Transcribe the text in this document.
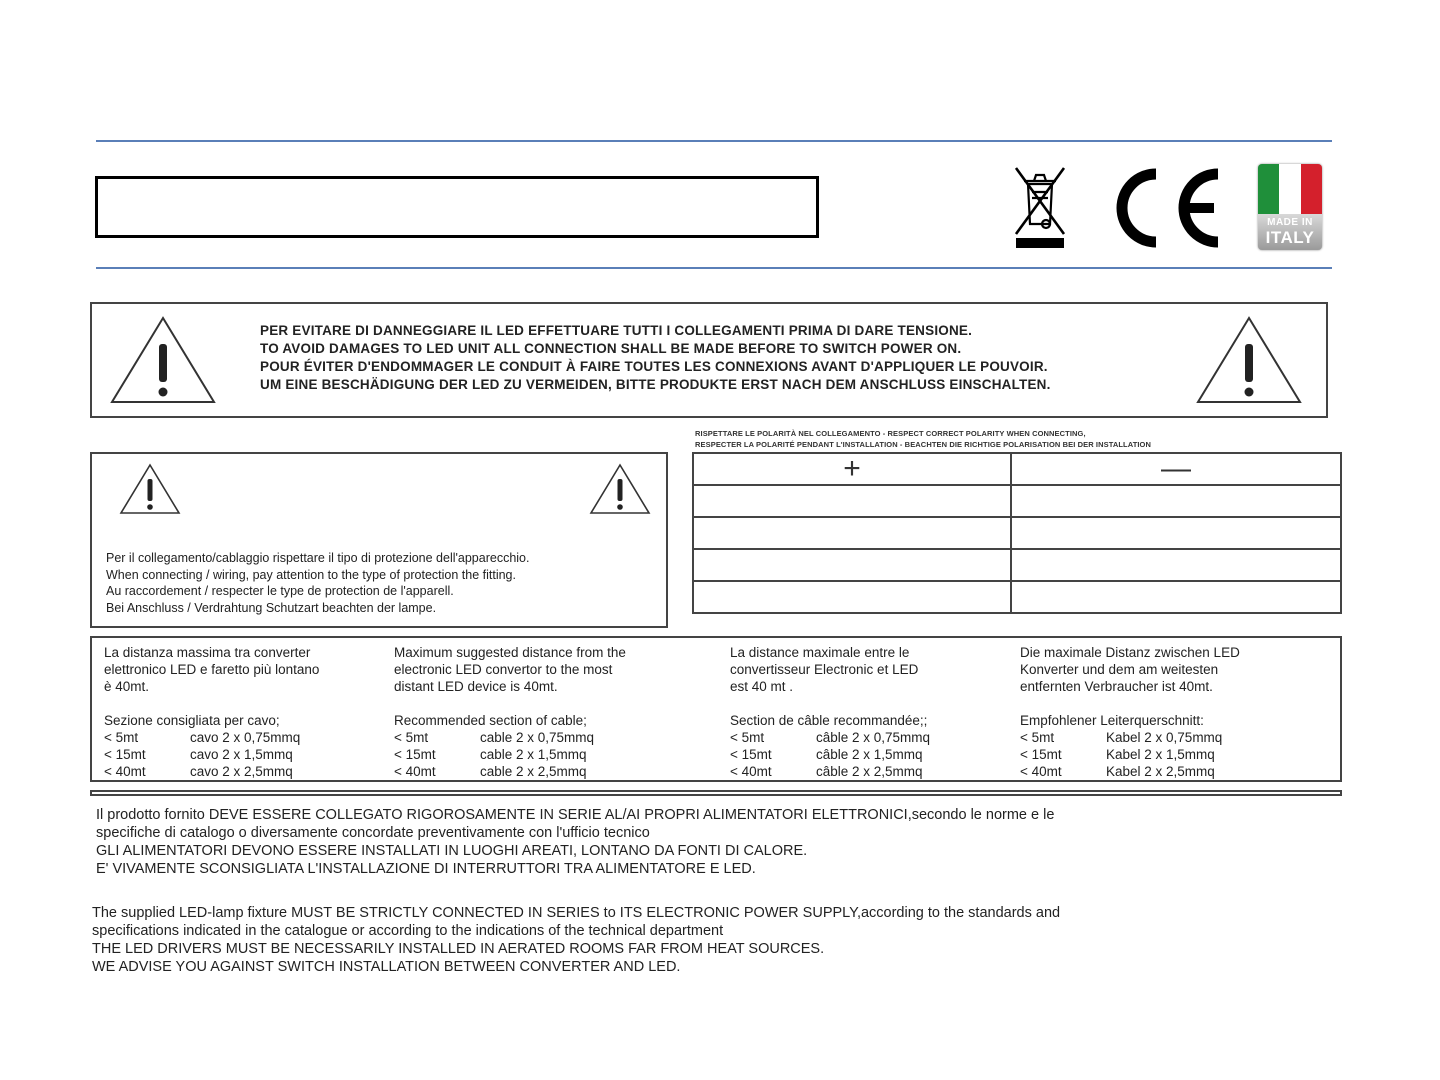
CE
MADE IN
ITALY
PER EVITARE DI DANNEGGIARE IL LED EFFETTUARE TUTTI I COLLEGAMENTI PRIMA DI DARE TENSIONE.
TO AVOID DAMAGES TO LED UNIT ALL CONNECTION SHALL BE MADE BEFORE TO SWITCH POWER ON.
POUR ÉVITER D'ENDOMMAGER LE CONDUIT À FAIRE TOUTES LES CONNEXIONS AVANT D'APPLIQUER LE POUVOIR.
UM EINE BESCHÄDIGUNG DER LED ZU VERMEIDEN, BITTE PRODUKTE ERST NACH DEM ANSCHLUSS EINSCHALTEN.
RISPETTARE LE POLARITÀ NEL COLLEGAMENTO - RESPECT CORRECT POLARITY WHEN CONNECTING,
RESPECTER LA POLARITÉ PENDANT L'INSTALLATION - BEACHTEN DIE RICHTIGE POLARISATION BEI DER INSTALLATION
Per il collegamento/cablaggio rispettare il tipo di protezione dell'apparecchio.
When connecting / wiring, pay attention to the type of protection the fitting.
Au raccordement / respecter le type de protection de l'apparell.
Bei Anschluss / Verdrahtung Schutzart beachten der lampe.
+	—

La distanza massima tra converter

elettronico LED e faretto più lontano

è 40mt.

Sezione consigliata per cavo;

< 5mt	cavo 2 x 0,75mmq
< 15mt	cavo 2 x 1,5mmq
< 40mt	cavo 2 x 2,5mmq

Maximum suggested distance from the

electronic LED convertor to the most

distant LED device is 40mt.

Recommended section of cable;

< 5mt	cable 2 x 0,75mmq
< 15mt	cable 2 x 1,5mmq
< 40mt	cable 2 x 2,5mmq

La distance maximale entre le

convertisseur Electronic et LED

est 40 mt .

Section de câble recommandée;;

< 5mt	câble 2 x 0,75mmq
< 15mt	câble 2 x 1,5mmq
< 40mt	câble 2 x 2,5mmq

Die maximale Distanz zwischen LED

Konverter und dem am weitesten

entfernten Verbraucher ist 40mt.

Empfohlener Leiterquerschnitt:

< 5mt	Kabel 2 x 0,75mmq
< 15mt	Kabel 2 x 1,5mmq
< 40mt	Kabel 2 x 2,5mmq

Il prodotto fornito DEVE ESSERE COLLEGATO RIGOROSAMENTE IN SERIE AL/AI PROPRI ALIMENTATORI ELETTRONICI,secondo le norme e le

specifiche di catalogo o diversamente concordate preventivamente con l'ufficio tecnico

GLI ALIMENTATORI DEVONO ESSERE INSTALLATI IN LUOGHI AREATI, LONTANO DA FONTI DI CALORE.

E' VIVAMENTE SCONSIGLIATA L'INSTALLAZIONE DI INTERRUTTORI TRA ALIMENTATORE E LED.

The supplied LED-lamp fixture MUST BE STRICTLY CONNECTED IN SERIES to ITS ELECTRONIC POWER SUPPLY,according to the standards and

specifications indicated in the catalogue or according to the indications of the technical department

THE LED DRIVERS MUST BE NECESSARILY INSTALLED IN AERATED ROOMS FAR FROM HEAT SOURCES.

WE ADVISE YOU AGAINST SWITCH INSTALLATION BETWEEN CONVERTER AND LED.
